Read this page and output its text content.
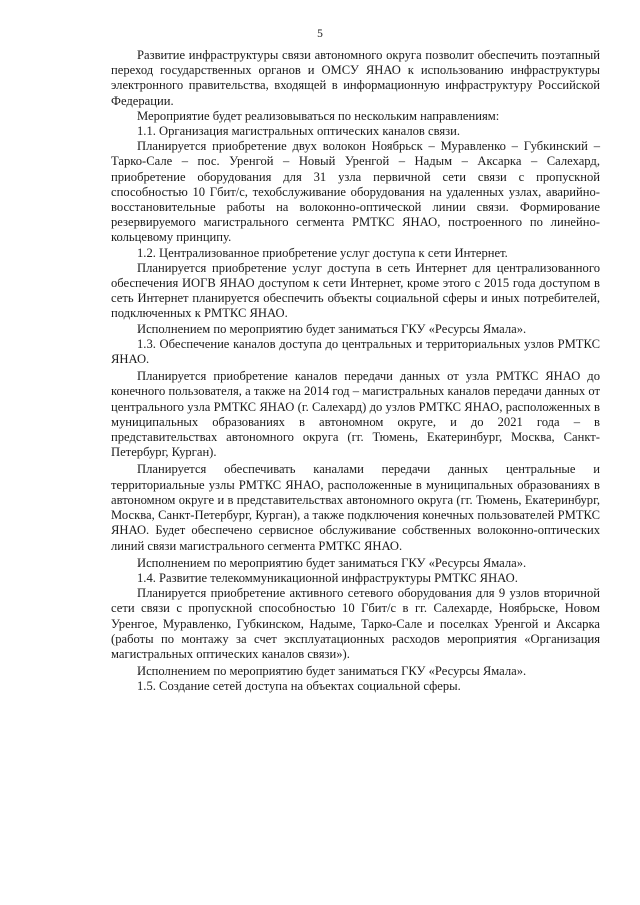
5

Развитие инфраструктуры связи автономного округа позволит обеспечить поэтапный переход государственных органов и ОМСУ ЯНАО к использованию инфраструктуры электронного правительства, входящей в информационную инфраструктуру Российской Федерации.

Мероприятие будет реализовываться по нескольким направлениям:

1.1. Организация магистральных оптических каналов связи.

Планируется приобретение двух волокон Ноябрьск – Муравленко – Губкинский – Тарко-Сале – пос. Уренгой – Новый Уренгой – Надым – Аксарка – Салехард, приобретение оборудования для 31 узла первичной сети связи с пропускной способностью 10 Гбит/с, техобслуживание оборудования на удаленных узлах, аварийно-восстановительные работы на волоконно-оптической линии связи. Формирование резервируемого магистрального сегмента РМТКС ЯНАО, построенного по линейно-кольцевому принципу.

1.2. Централизованное приобретение услуг доступа к сети Интернет.

Планируется приобретение услуг доступа в сеть Интернет для централизованного обеспечения ИОГВ ЯНАО доступом к сети Интернет, кроме этого с 2015 года доступом в сеть Интернет планируется обеспечить объекты социальной сферы и иных потребителей, подключенных к РМТКС ЯНАО.

Исполнением по мероприятию будет заниматься ГКУ «Ресурсы Ямала».

1.3. Обеспечение каналов доступа до центральных и территориальных узлов РМТКС ЯНАО.

Планируется приобретение каналов передачи данных от узла РМТКС ЯНАО до конечного пользователя, а также на 2014 год – магистральных каналов передачи данных от центрального узла РМТКС ЯНАО (г. Салехард) до узлов РМТКС ЯНАО, расположенных в муниципальных образованиях в автономном округе, и до 2021 года – в представительствах автономного округа (гг. Тюмень, Екатеринбург, Москва, Санкт-Петербург, Курган).

Планируется обеспечивать каналами передачи данных центральные и территориальные узлы РМТКС ЯНАО, расположенные в муниципальных образованиях в автономном округе и в представительствах автономного округа (гг. Тюмень, Екатеринбург, Москва, Санкт-Петербург, Курган), а также подключения конечных пользователей РМТКС ЯНАО. Будет обеспечено сервисное обслуживание собственных волоконно-оптических линий связи магистрального сегмента РМТКС ЯНАО.

Исполнением по мероприятию будет заниматься ГКУ «Ресурсы Ямала».

1.4. Развитие телекоммуникационной инфраструктуры РМТКС ЯНАО.

Планируется приобретение активного сетевого оборудования для 9 узлов вторичной сети связи с пропускной способностью 10 Гбит/с в гг. Салехарде, Ноябрьске, Новом Уренгое, Муравленко, Губкинском, Надыме, Тарко-Сале и поселках Уренгой и Аксарка (работы по монтажу за счет эксплуатационных расходов мероприятия «Организация магистральных оптических каналов связи»).

Исполнением по мероприятию будет заниматься ГКУ «Ресурсы Ямала».

1.5. Создание сетей доступа на объектах социальной сферы.
